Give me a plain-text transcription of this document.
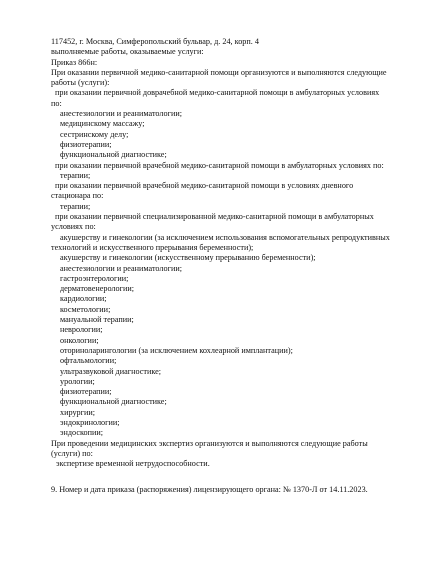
117452, г. Москва, Симферопольский бульвар, д. 24, корп. 4
выполняемые работы, оказываемые услуги:
Приказ 866н:
При оказании первичной медико-санитарной помощи организуются и выполняются следующие
работы (услуги):
при оказании первичной доврачебной медико-санитарной помощи в амбулаторных условиях
по:
анестезиологии и реаниматологии;
медицинскому массажу;
сестринскому делу;
физиотерапии;
функциональной диагностике;
при оказании первичной врачебной медико-санитарной помощи в амбулаторных условиях по:
терапии;
при оказании первичной врачебной медико-санитарной помощи в условиях дневного
стационара по:
терапии;
при оказании первичной специализированной медико-санитарной помощи в амбулаторных
условиях по:
акушерству и гинекологии (за исключением использования вспомогательных репродуктивных
технологий и искусственного прерывания беременности);
акушерству и гинекологии (искусственному прерыванию беременности);
анестезиологии и реаниматологии;
гастроэнтерологии;
дерматовенерологии;
кардиологии;
косметологии;
мануальной терапии;
неврологии;
онкологии;
оториноларингологии (за исключением кохлеарной имплантации);
офтальмологии;
ультразвуковой диагностике;
урологии;
физиотерапии;
функциональной диагностике;
хирургии;
эндокринологии;
эндоскопии;
При проведении медицинских экспертиз организуются и выполняются следующие работы
(услуги) по:
экспертизе временной нетрудоспособности.
9. Номер и дата приказа (распоряжения) лицензирующего органа: № 1370-Л от 14.11.2023.
